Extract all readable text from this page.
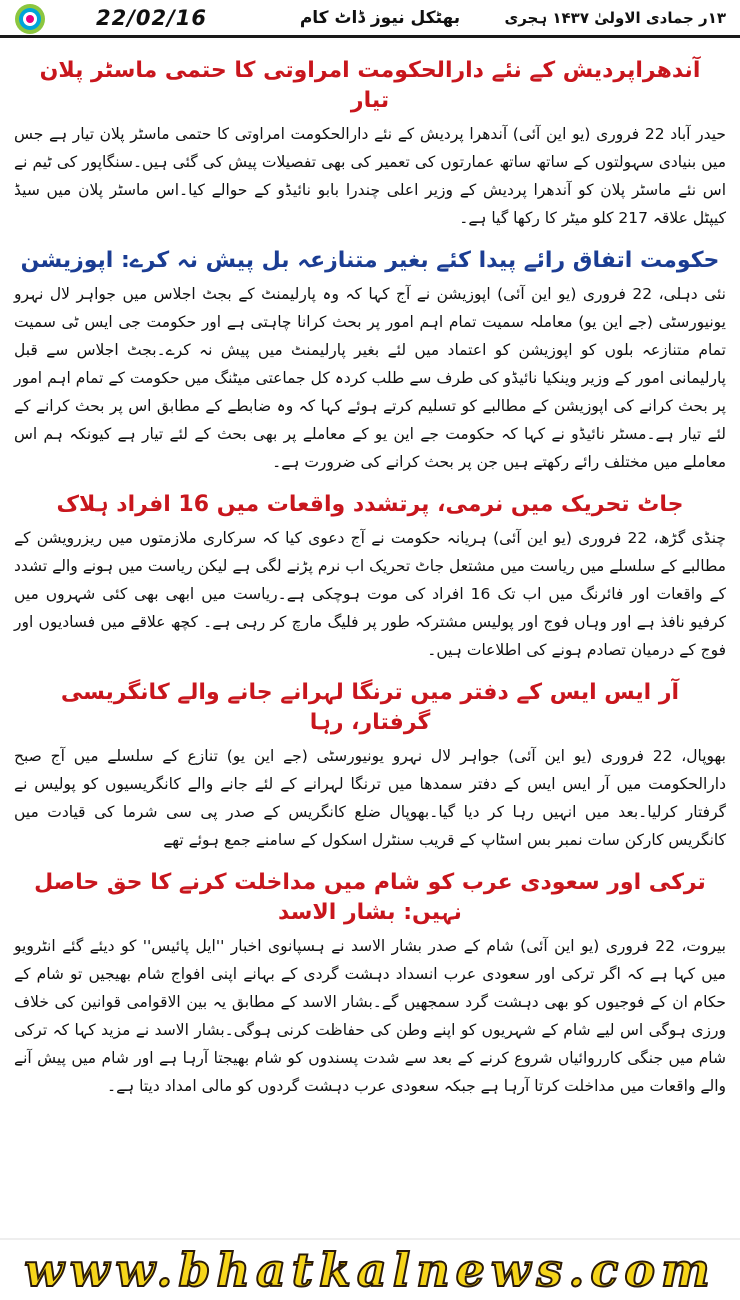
22/02/16	بھٹکل نیوز ڈاٹ کام	۱۳ر جمادی الاولیٰ ۱۴۳۷ ہجری
آندھراپردیش کے نئے دارالحکومت امراوتی کا حتمی ماسٹر پلان تیار

حیدر آباد 22 فروری (یو این آئی) آندھرا پردیش کے نئے دارالحکومت امراوتی کا حتمی ماسٹر پلان تیار ہے جس میں بنیادی سہولتوں کے ساتھ ساتھ عمارتوں کی تعمیر کی بھی تفصیلات پیش کی گئی ہیں۔سنگاپور کی ٹیم نے اس نئے ماسٹر پلان کو آندھرا پردیش کے وزیر اعلی چندرا بابو نائیڈو کے حوالے کیا۔اس ماسٹر پلان میں سیڈ کیپٹل علاقہ 217 کلو میٹر کا رکھا گیا ہے۔

حکومت اتفاق رائے پیدا کئے بغیر متنازعہ بل پیش نہ کرے: اپوزیشن

نئی دہلی، 22 فروری (یو این آئی) اپوزیشن نے آج کہا کہ وہ پارلیمنٹ کے بجٹ اجلاس میں جواہر لال نہرو یونیورسٹی (جے این یو) معاملہ سمیت تمام اہم امور پر بحث کرانا چاہتی ہے اور حکومت جی ایس ٹی سمیت تمام متنازعہ بلوں کو اپوزیشن کو اعتماد میں لئے بغیر پارلیمنٹ میں پیش نہ کرے۔بجٹ اجلاس سے قبل پارلیمانی امور کے وزیر وینکیا نائیڈو کی طرف سے طلب کردہ کل جماعتی میٹنگ میں حکومت کے تمام اہم امور پر بحث کرانے کی اپوزیشن کے مطالبے کو تسلیم کرتے ہوئے کہا کہ وہ ضابطے کے مطابق اس پر بحث کرانے کے لئے تیار ہے۔مسٹر نائیڈو نے کہا کہ حکومت جے این یو کے معاملے پر بھی بحث کے لئے تیار ہے کیونکہ ہم اس معاملے میں مختلف رائے رکھتے ہیں جن پر بحث کرانے کی ضرورت ہے۔

جاٹ تحریک میں نرمی، پرتشدد واقعات میں 16 افراد ہلاک

چنڈی گڑھ، 22 فروری (یو این آئی) ہریانہ حکومت نے آج دعوی کیا کہ سرکاری ملازمتوں میں ریزرویشن کے مطالبے کے سلسلے میں ریاست میں مشتعل جاٹ تحریک اب نرم پڑنے لگی ہے لیکن ریاست میں ہونے والے تشدد کے واقعات اور فائرنگ میں اب تک 16 افراد کی موت ہوچکی ہے۔ریاست میں ابھی بھی کئی شہروں میں کرفیو نافذ ہے اور وہاں فوج اور پولیس مشترکہ طور پر فلیگ مارچ کر رہی ہے۔ کچھ علاقے میں فسادیوں اور فوج کے درمیان تصادم ہونے کی اطلاعات ہیں۔

آر ایس ایس کے دفتر میں ترنگا لہرانے جانے والے کانگریسی گرفتار، رہا

بھوپال، 22 فروری (یو این آئی) جواہر لال نہرو یونیورسٹی (جے این یو) تنازع کے سلسلے میں آج صبح دارالحکومت میں آر ایس ایس کے دفتر سمدھا میں ترنگا لہرانے کے لئے جانے والے کانگریسیوں کو پولیس نے گرفتار کرلیا۔بعد میں انہیں رہا کر دیا گیا۔بھوپال ضلع کانگریس کے صدر پی سی شرما کی قیادت میں کانگریس کارکن سات نمبر بس اسٹاپ کے قریب سنٹرل اسکول کے سامنے جمع ہوئے تھے

ترکی اور سعودی عرب کو شام میں مداخلت کرنے کا حق حاصل نہیں: بشار الاسد

بیروت، 22 فروری (یو این آئی) شام کے صدر بشار الاسد نے ہسپانوی اخبار ''ایل پائیس'' کو دیئے گئے انٹرویو میں کہا ہے کہ اگر ترکی اور سعودی عرب انسداد دہشت گردی کے بہانے اپنی افواج شام بھیجیں تو شام کے حکام ان کے فوجیوں کو بھی دہشت گرد سمجھیں گے۔بشار الاسد کے مطابق یہ بین الاقوامی قوانین کی خلاف ورزی ہوگی اس لیے شام کے شہریوں کو اپنے وطن کی حفاظت کرنی ہوگی۔بشار الاسد نے مزید کہا کہ ترکی شام میں جنگی کارروائیاں شروع کرنے کے بعد سے شدت پسندوں کو شام بھیجتا آرہا ہے اور شام میں پیش آنے والے واقعات میں مداخلت کرتا آرہا ہے جبکہ سعودی عرب دہشت گردوں کو مالی امداد دیتا ہے۔

www.bhatkalnews.com
